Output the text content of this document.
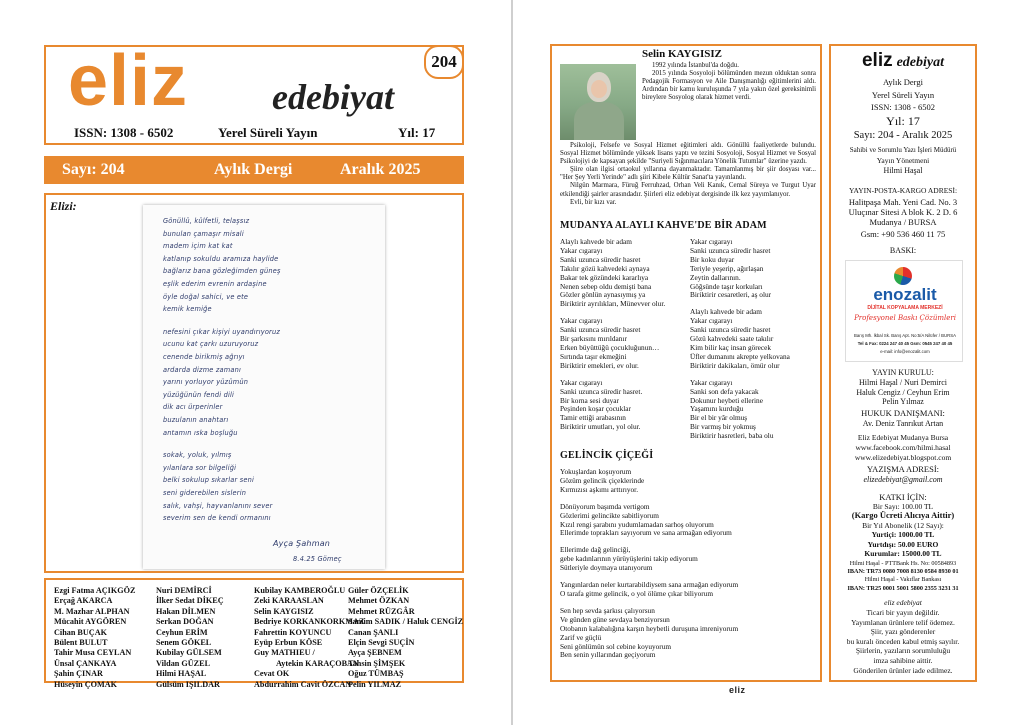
eliz edebiyat
204
ISSN: 1308 - 6502	Yerel Süreli Yayın	Yıl: 17
Sayı: 204	Aylık Dergi	Aralık 2025
Elizi:
Ayça Şahman
8.4.25 Gömeç
Gönüllü, külfetli, telaşsız
bunulan çamaşır misali
madem içim kat kat
katlanıp sokuldu aramıza haylide
bağlarız bana gözleğimden güneş
eşlik ederim evrenin ardaşine
öyle doğal sahici, ve ete
kemik kemiğe
nefesini çıkar kişiyi uyandırıyoruz
ucunu kat çarkı uzuruyoruz
cenende birikmiş ağrıyı
ardarda dizme zamanı
yarını yorluyor yüzümün
yüzüğünün fendi dili
dik acı ürperinler
buzulanın anahtarı
antamın ıska boşluğu
sokak, yoluk, yılmış
yılanlara sor bilgeliği
belki sokulup sıkarlar seni
seni giderebilen sislerin
salık, vahşi, hayvanlanını sever
severim sen de kendi ormanını
Ezgi Fatma AÇIKGÖZ
Erçağ AKARCA
M. Mazhar ALPHAN
Mücahit AYGÖREN
Cihan BUÇAK
Bülent BULUT
Tahir Musa CEYLAN
Ünsal ÇANKAYA
Şahin ÇINAR
Hüseyin ÇOMAK
Nuri DEMİRCİ
İlker Sedat DİKEÇ
Hakan DİLMEN
Serkan DOĞAN
Ceyhun ERİM
Senem GÖKEL
Kubilay GÜLSEM
Vildan GÜZEL
Hilmi HAŞAL
Gülsüm IŞILDAR
Kubilay KAMBEROĞLU
Zeki KARAASLAN
Selin KAYGISIZ
Bedriye KORKANKORKMAZ
Fahrettin KOYUNCU
Eyüp Erbun KÖSE
Guy MATHIEU /
Aytekin KARAÇOBAN
Cevat OK
Abdurrahim Cavit ÖZCAN
Güler ÖZÇELİK
Mehmet ÖZKAN
Mehmet RÜZGÂR
Samim SADIK / Haluk CENGİZ
Canan ŞANLI
Elçin Sevgi SUÇİN
Ayça ŞEBNEM
Tahsin ŞİMŞEK
Oğuz TÜMBAŞ
Pelin YILMAZ
Selin KAYGISIZ

1992 yılında İstanbul'da doğdu.

2015 yılında Sosyoloji bölümünden mezun olduktan sonra Pedagojik Formasyon ve Aile Danışmanlığı eğitimlerini aldı. Ardından bir kamu kuruluşunda 7 yıla yakın özel gereksinimli bireylere Sosyolog olarak hizmet verdi.

Psikoloji, Felsefe ve Sosyal Hizmet eğitimleri aldı. Gönüllü faaliyetlerde bulundu. Sosyal Hizmet bölümünde yüksek lisans yaptı ve tezini Sosyoloji, Sosyal Hizmet ve Sosyal Psikolojiyi de kapsayan şekilde "Suriyeli Sığınmacılara Yönelik Tutumlar" üzerine yazdı.

Şiire olan ilgisi ortaokul yıllarına dayanmaktadır. Tamamlanmış bir şiir dosyası var... "Her Şey Yerli Yerinde" adlı şiiri Kibele Kültür Sanat'ta yayınlandı.

Nilgün Marmara, Füruğ Ferruhzad, Orhan Veli Kanık, Cemal Süreya ve Turgut Uyar etkilendiği şairler arasındadır. Şiirleri eliz edebiyat dergisinde ilk kez yayımlanıyor.

Evli, bir kızı var.

MUDANYA ALAYLI KAHVE'DE BİR ADAM
Alaylı kahvede bir adam
Yakar cıgarayı
Sanki uzunca süredir hasret
Takılır gözü kahvedeki aynaya
Bakar tek gözündeki kararlıya
Nenen sebep oldu demişti bana
Gözler gönlün aynasıymış ya
Biriktirir ayrılıkları, Münevver olur.
Yakar cıgarayı
Sanki uzunca süredir hasret
Bir şarkısını mırıldanır
Erken büyüttüğü çocukluğunun…
Sırtında taşır ekmeğini
Biriktirir emekleri, ev olur.
Yakar cıgarayı
Sanki uzunca süredir hasret.
Bir korna sesi duyar
Peşinden koşar çocuklar
Tamir ettiği arabasının
Biriktirir umutları, yol olur.
Yakar cıgarayı
Sanki uzunca süredir hasret
Bir koku duyar
Teriyle yeşerip, ağırlaşan
Zeytin dallarının.
Göğsünde taşır korkuları
Biriktirir cesaretleri, aş olur
Alaylı kahvede bir adam
Yakar cıgarayı
Sanki uzunca süredir hasret
Gözü kahvedeki saate takılır
Kim bilir kaç insan görecek
Üfler dumanını akrepte yelkovana
Biriktirir dakikaları, ömür olur
Yakar cıgarayı
Sanki son defa yakacak
Dokunur heybeti ellerine
Yaşamını kurduğu
Bir el bir yâr olmuş
Bir varmış bir yokmuş
Biriktirir hasretleri, baba olu
GELİNCİK ÇİÇEĞİ
Yokuşlardan koşuyorum
Gözüm gelincik çiçeklerinde
Kırmızısı aşkımı arttırıyor.
Dönüyorum başımda vertigom
Gözlerimi gelincikte sabitliyorum
Kızıl rengi şarabını yudumlamadan sarhoş oluyorum
Ellerimde toprakları sayıyorum ve sana armağan ediyorum
Ellerimde dağ gelinciği,
gebe kadınlarının yürüyüşlerini takip ediyorum
Sütleriyle doymaya utanıyorum
Yangınlardan neler kurtarabildiysem sana armağan ediyorum
O tarafa gitme gelincik, o yol ölüme çıkar biliyorum
Sen hep sevda şarkısı çalıyorsun
Ve günden güne sevdaya benziyorsun
Otobanın kalabalığına karşın heybetli duruşuna imreniyorum
Zarif ve güçlü
Seni gönlümün sol cebine koyuyorum
Ben senin yıllarından geçiyorum
eliz edebiyat
Aylık Dergi
Yerel Süreli Yayın
ISSN: 1308 - 6502
Yıl: 17
Sayı: 204 - Aralık 2025
Sahibi ve Sorumlu Yazı İşleri Müdürü
Yayın Yönetmeni
Hilmi Haşal
YAYIN-POSTA-KARGO ADRESİ:
Halitpaşa Mah. Yeni Cad. No. 3
Uluçınar Sitesi A blok K. 2 D. 6
Mudanya / BURSA
Gsm: +90 536 460 11 75
BASKI:
enozalit
DİJİTAL KOPYALAMA MERKEZİ
Profesyonel Baskı Çözümleri
Barış Mh. İkbal Sk. Barış Apt. No:5/A Nilüfer / BURSA
Tel & Fax: 0224 247 40 45 Gsm: 0545 247 40 45
e-mail: info@enozalit.com
YAYIN KURULU:
Hilmi Haşal / Nuri Demirci
Haluk Cengiz / Ceyhun Erim
Pelin Yılmaz
HUKUK DANIŞMANI:
Av. Deniz Tanrıkut Artan
Eliz Edebiyat Mudanya Bursa
www.facebook.com/hilmi.hasal
www.elizedebiyat.blogspot.com
YAZIŞMA ADRESİ:
elizedebiyat@gmail.com
KATKI İÇİN:
Bir Sayı: 100.00 TL
(Kargo Ücreti Alıcıya Aittir)
Bir Yıl Abonelik (12 Sayı):
Yurtiçi: 1000.00 TL
Yurtdışı: 50.00 EURO
Kurumlar: 15000.00 TL
Hilmi Haşal - PTTBank Hs. No: 00584893
IBAN: TR73 0080 7008 8130 0584 8930 01
Hilmi Haşal - Vakıflar Bankası
IBAN: TR25 0001 5001 5800 2355 3231 31
eliz edebiyat
Ticari bir yayın değildir.
Yayımlanan ürünlere telif ödemez.
Şiir, yazı gönderenler
bu kuralı önceden kabul etmiş sayılır.
Şiirlerin, yazıların sorumluluğu
imza sahibine aittir.
Gönderilen ürünler iade edilmez.
eliz
